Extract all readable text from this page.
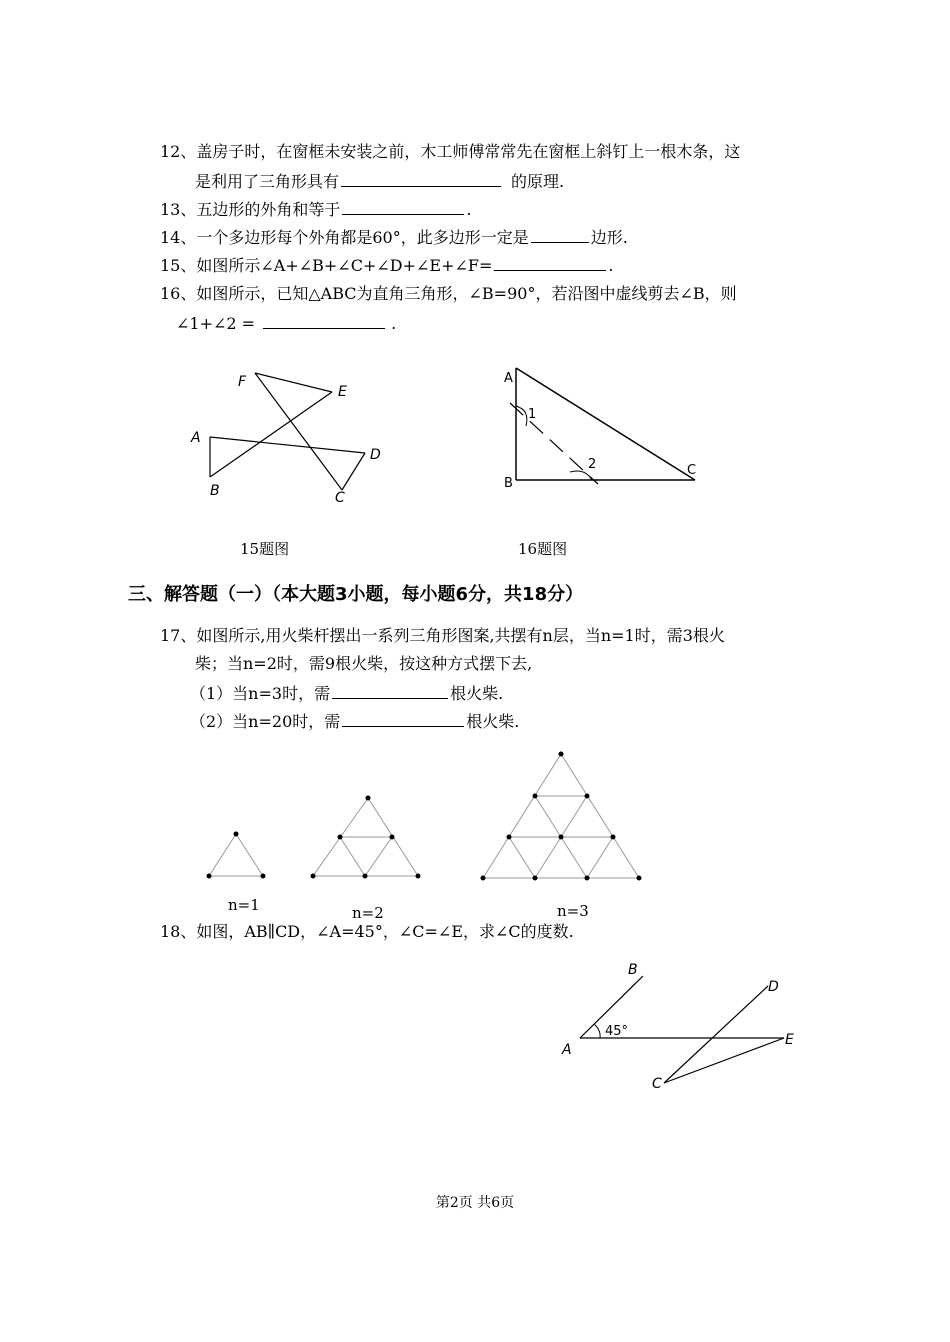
12、盖房子时，在窗框未安装之前，木工师傅常常先在窗框上斜钉上一根木条，这
是利用了三角形具有	的原理.
13、五边形的外角和等于	.
14、一个多边形每个外角都是60°，此多边形一定是	边形.
15、如图所示∠A+∠B+∠C+∠D+∠E+∠F=	.
16、如图所示，已知△ABC为直角三角形，∠B=90°，若沿图中虚线剪去∠B，则
∠1+∠2 =	.
F
E
A
D
B	C
15题图
A
1
2
B
C
16题图
三、解答题（一）（本大题3小题，每小题6分，共18分）
17、如图所示,用火柴杆摆出一系列三角形图案,共摆有n层，当n=1时，需3根火
柴；当n=2时，需9根火柴，按这种方式摆下去,
（1）当n=3时，需	根火柴.
（2）当n=20时，需	根火柴.
n=1	n=2	n=3
18、如图，AB∥CD，∠A=45°，∠C=∠E，求∠C的度数.
B
D
A
E
C
45°
第2页 共6页
